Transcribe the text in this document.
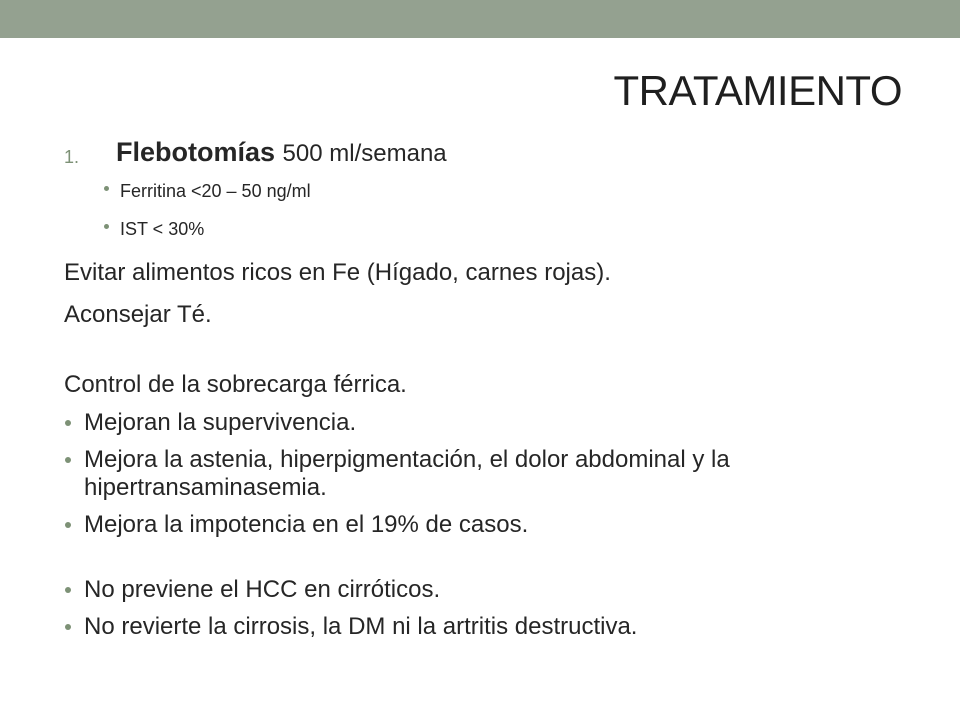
TRATAMIENTO
1. Flebotomías 500 ml/semana
Ferritina <20 – 50 ng/ml
IST < 30%
Evitar alimentos ricos en Fe (Hígado, carnes rojas).
Aconsejar Té.
Control de la sobrecarga férrica.
Mejoran la supervivencia.
Mejora la astenia, hiperpigmentación, el dolor abdominal y la hipertransaminasemia.
Mejora la impotencia en el 19% de casos.
No previene el HCC en cirróticos.
No revierte la cirrosis, la DM ni la artritis destructiva.
